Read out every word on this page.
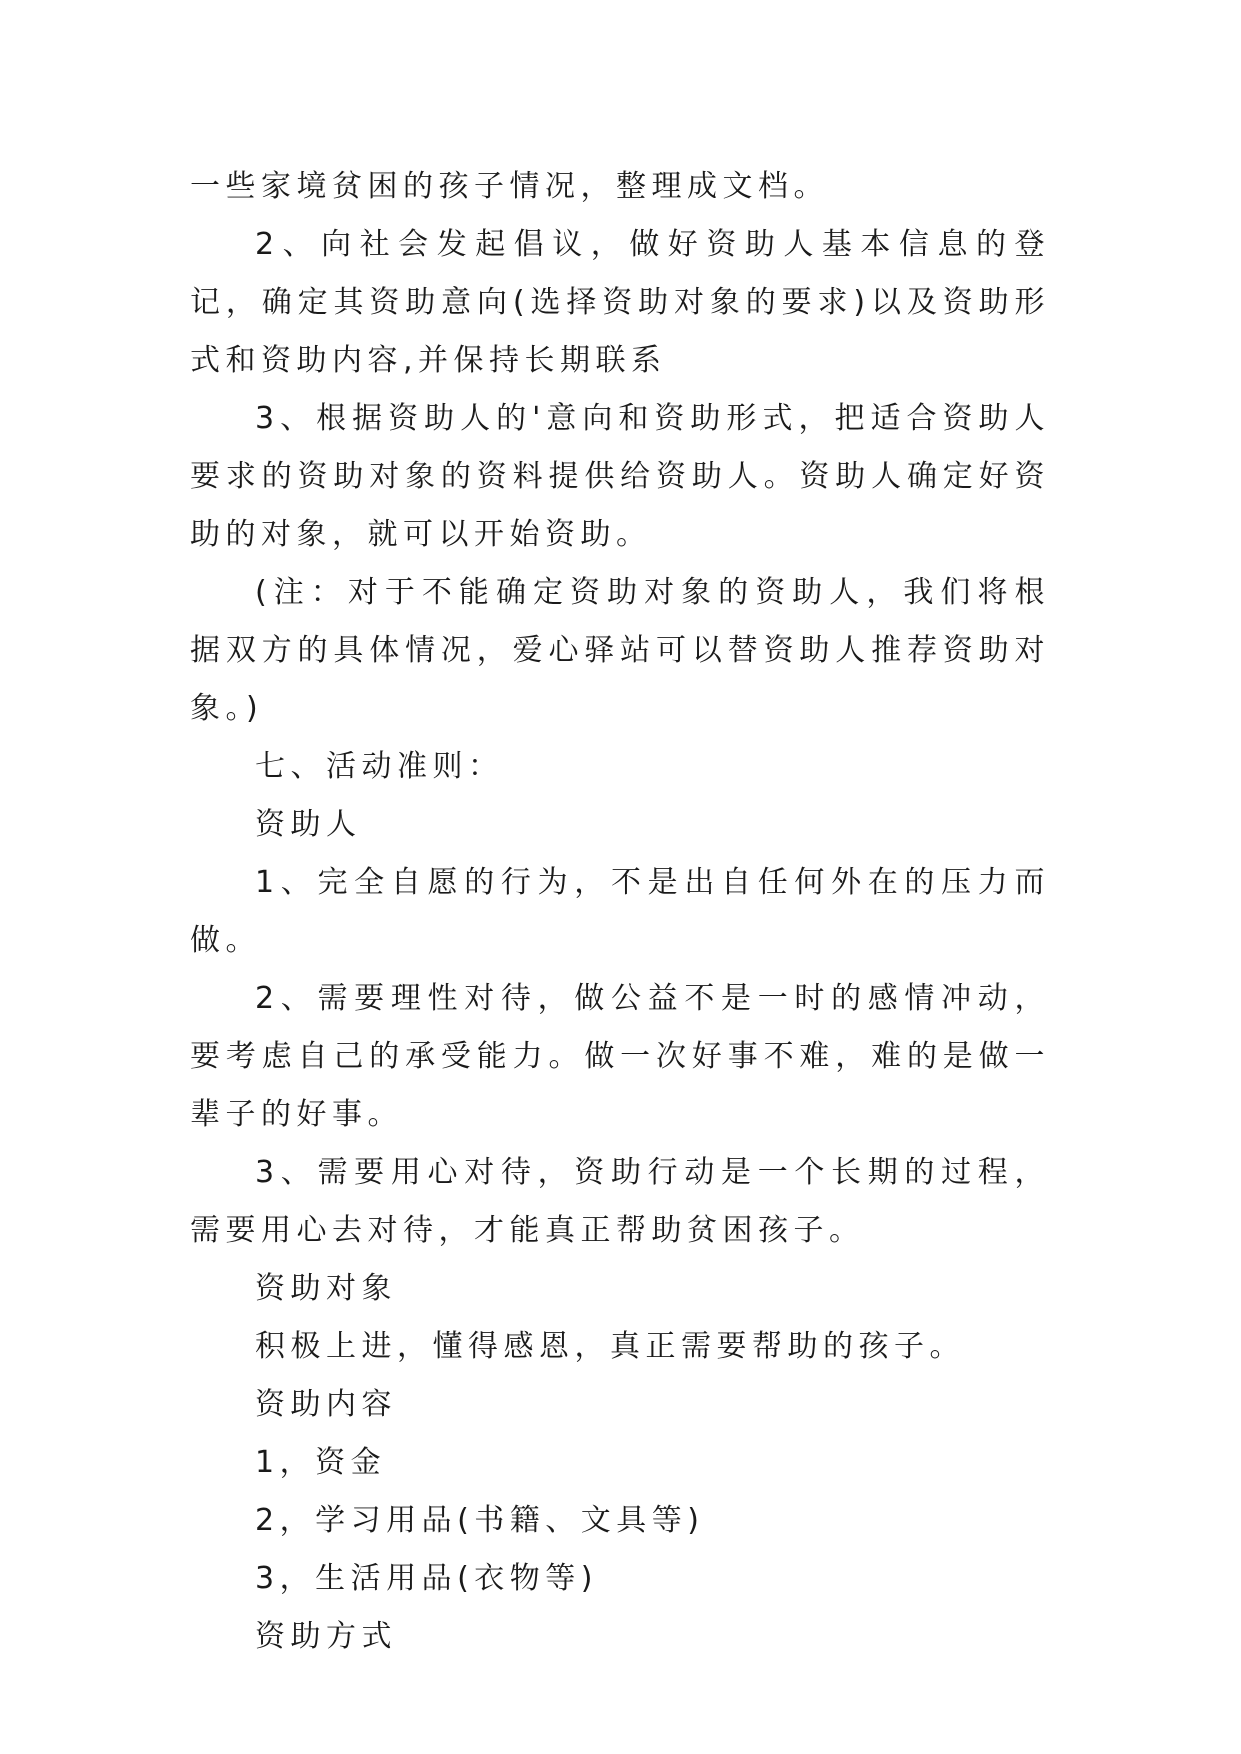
一些家境贫困的孩子情况，整理成文档。

2、向社会发起倡议，做好资助人基本信息的登记，确定其资助意向(选择资助对象的要求)以及资助形式和资助内容,并保持长期联系

3、根据资助人的'意向和资助形式，把适合资助人要求的资助对象的资料提供给资助人。资助人确定好资助的对象，就可以开始资助。

(注：对于不能确定资助对象的资助人，我们将根据双方的具体情况，爱心驿站可以替资助人推荐资助对象。)

七、活动准则：

资助人

1、完全自愿的行为，不是出自任何外在的压力而做。

2、需要理性对待，做公益不是一时的感情冲动，要考虑自己的承受能力。做一次好事不难，难的是做一辈子的好事。

3、需要用心对待，资助行动是一个长期的过程，需要用心去对待，才能真正帮助贫困孩子。

资助对象

积极上进，懂得感恩，真正需要帮助的孩子。

资助内容

1，资金

2，学习用品(书籍、文具等)

3，生活用品(衣物等)

资助方式
